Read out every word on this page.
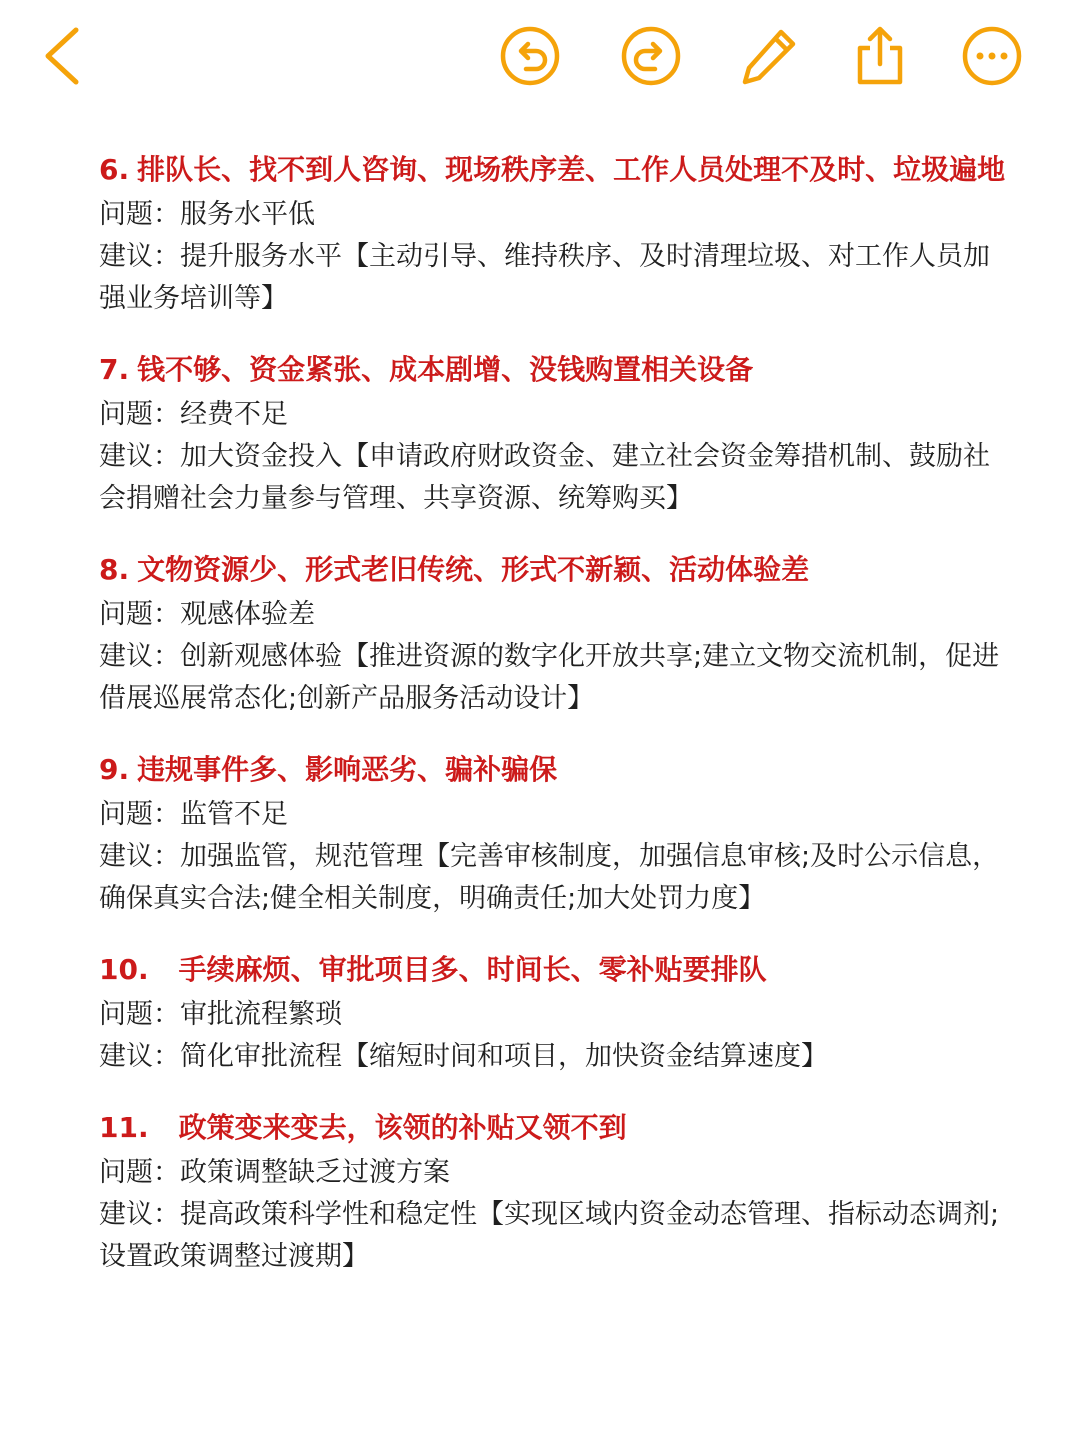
6. 排队长、找不到人咨询、现场秩序差、工作人员处理不及时、垃圾遍地

问题：服务水平低

建议：提升服务水平【主动引导、维持秩序、及时清理垃圾、对工作人员加强业务培训等】

7. 钱不够、资金紧张、成本剧增、没钱购置相关设备

问题：经费不足

建议：加大资金投入【申请政府财政资金、建立社会资金筹措机制、鼓励社会捐赠社会力量参与管理、共享资源、统筹购买】

8. 文物资源少、形式老旧传统、形式不新颖、活动体验差

问题：观感体验差

建议：创新观感体验【推进资源的数字化开放共享;建立文物交流机制，促进借展巡展常态化;创新产品服务活动设计】

9. 违规事件多、影响恶劣、骗补骗保

问题：监管不足

建议：加强监管，规范管理【完善审核制度，加强信息审核;及时公示信息，确保真实合法;健全相关制度，明确责任;加大处罚力度】

10. 手续麻烦、审批项目多、时间长、零补贴要排队

问题：审批流程繁琐

建议：简化审批流程【缩短时间和项目，加快资金结算速度】

11. 政策变来变去，该领的补贴又领不到

问题：政策调整缺乏过渡方案

建议：提高政策科学性和稳定性【实现区域内资金动态管理、指标动态调剂;设置政策调整过渡期】
